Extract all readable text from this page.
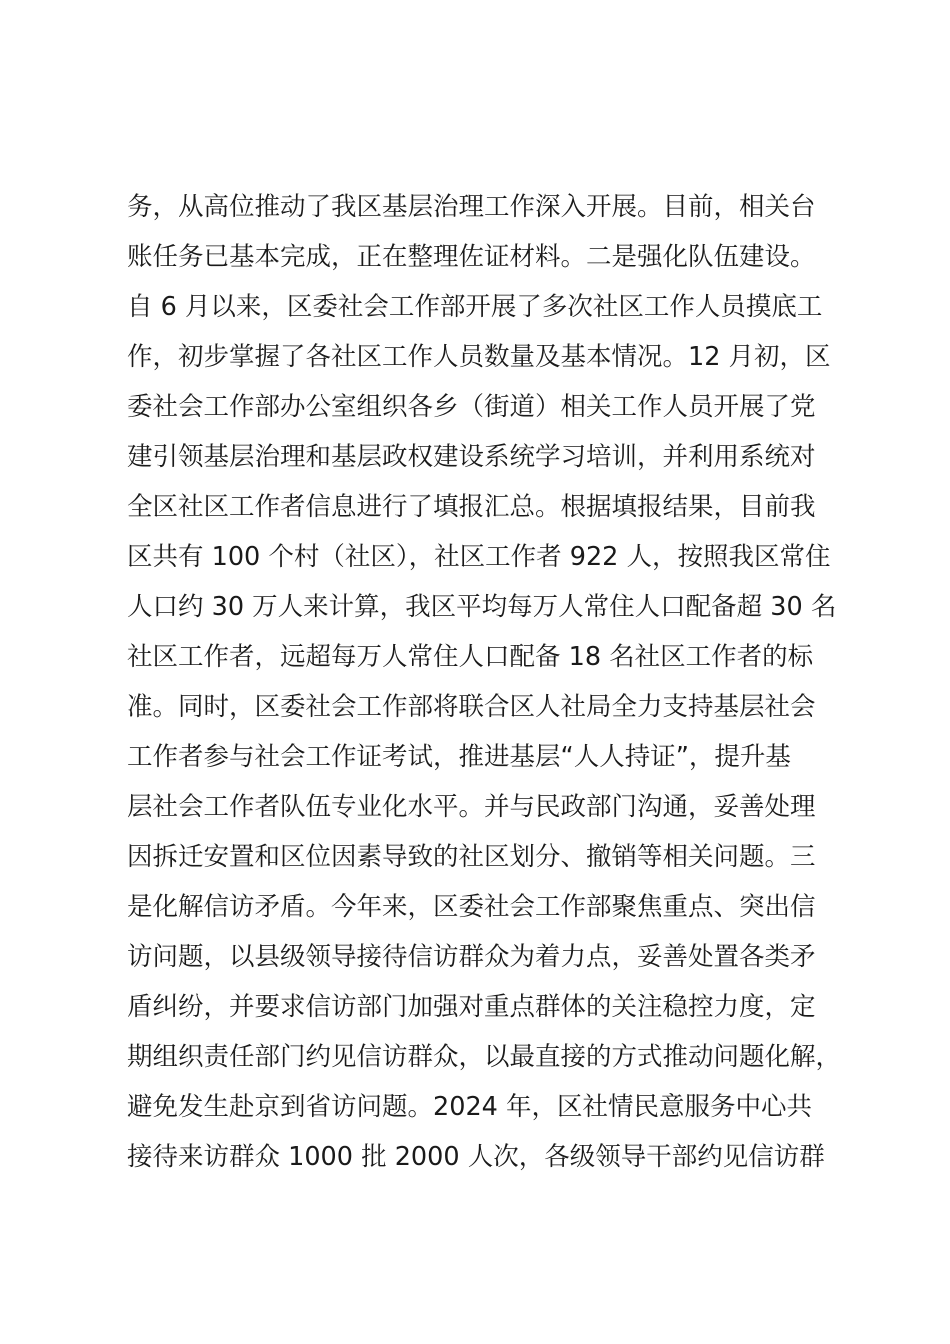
务，从高位推动了我区基层治理工作深入开展。目前，相关台
账任务已基本完成，正在整理佐证材料。二是强化队伍建设。
自 6 月以来，区委社会工作部开展了多次社区工作人员摸底工
作，初步掌握了各社区工作人员数量及基本情况。12 月初，区
委社会工作部办公室组织各乡（街道）相关工作人员开展了党
建引领基层治理和基层政权建设系统学习培训，并利用系统对
全区社区工作者信息进行了填报汇总。根据填报结果，目前我
区共有 100 个村（社区），社区工作者 922 人，按照我区常住
人口约 30 万人来计算，我区平均每万人常住人口配备超 30 名
社区工作者，远超每万人常住人口配备 18 名社区工作者的标
准。同时，区委社会工作部将联合区人社局全力支持基层社会
工作者参与社会工作证考试，推进基层“人人持证”，提升基
层社会工作者队伍专业化水平。并与民政部门沟通，妥善处理
因拆迁安置和区位因素导致的社区划分、撤销等相关问题。三
是化解信访矛盾。今年来，区委社会工作部聚焦重点、突出信
访问题，以县级领导接待信访群众为着力点，妥善处置各类矛
盾纠纷，并要求信访部门加强对重点群体的关注稳控力度，定
期组织责任部门约见信访群众，以最直接的方式推动问题化解，
避免发生赴京到省访问题。2024 年，区社情民意服务中心共
接待来访群众 1000 批 2000 人次，各级领导干部约见信访群
